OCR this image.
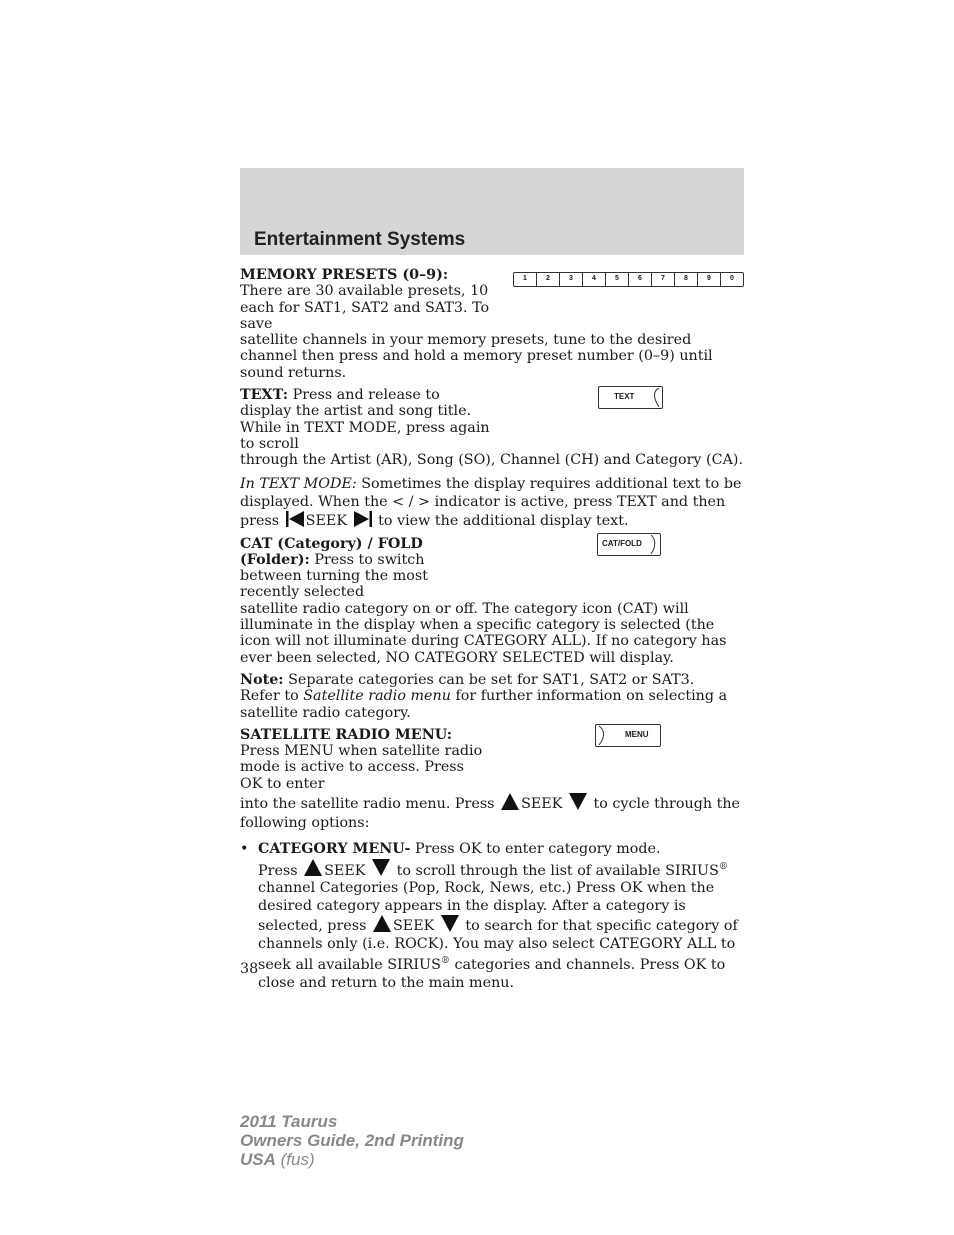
Entertainment Systems
1	2	3	4	5	6	7	8	9	0

MEMORY PRESETS (0–9): There are 30 available presets, 10 each for SAT1, SAT2 and SAT3. To save

satellite channels in your memory presets, tune to the desired channel then press and hold a memory preset number (0–9) until sound returns.

TEXT

TEXT: Press and release to display the artist and song title. While in TEXT MODE, press again to scroll

through the Artist (AR), Song (SO), Channel (CH) and Category (CA).

In TEXT MODE: Sometimes the display requires additional text to be displayed. When the < / > indicator is active, press TEXT and then press SEEK  to view the additional display text.

CAT/FOLD

CAT (Category) / FOLD
(Folder): Press to switch between turning the most recently selected

satellite radio category on or off. The category icon (CAT) will illuminate in the display when a specific category is selected (the icon will not illuminate during CATEGORY ALL). If no category has ever been selected, NO CATEGORY SELECTED will display.

Note: Separate categories can be set for SAT1, SAT2 or SAT3.
Refer to Satellite radio menu for further information on selecting a satellite radio category.

MENU

SATELLITE RADIO MENU: Press MENU when satellite radio mode is active to access. Press OK to enter

into the satellite radio menu. Press SEEK  to cycle through the following options:

• CATEGORY MENU- Press OK to enter category mode.
Press SEEK  to scroll through the list of available SIRIUS® channel Categories (Pop, Rock, News, etc.) Press OK when the desired category appears in the display. After a category is selected, press SEEK  to search for that specific category of channels only (i.e. ROCK). You may also select CATEGORY ALL to seek all available SIRIUS® categories and channels. Press OK to close and return to the main menu.
38
2011 Taurus
Owners Guide, 2nd Printing
USA (fus)
